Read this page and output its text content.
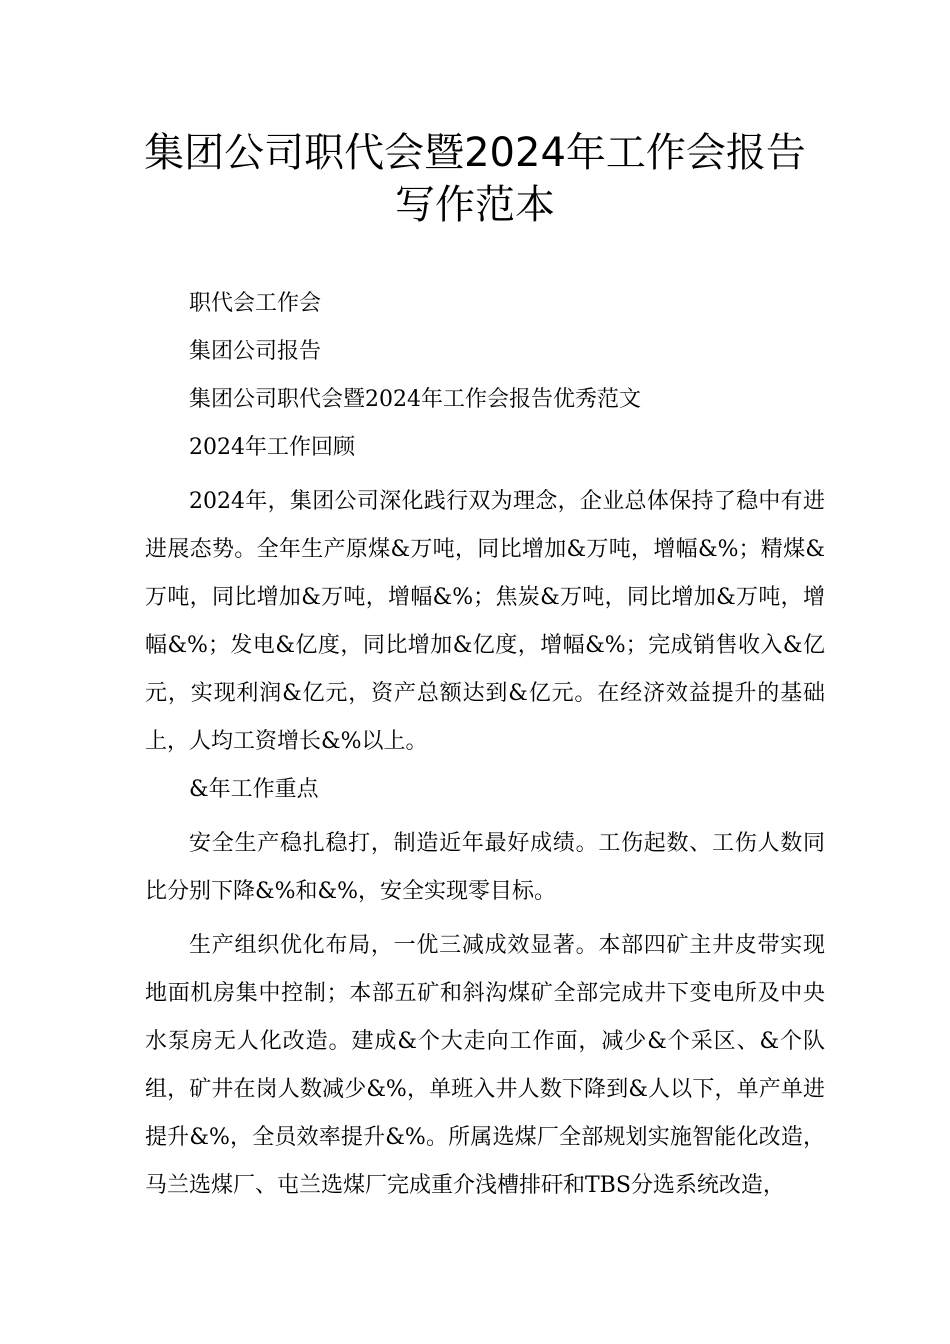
集团公司职代会暨2024年工作会报告
写作范本

职代会工作会

集团公司报告

集团公司职代会暨2024年工作会报告优秀范文

2024年工作回顾

2024年，集团公司深化践行双为理念，企业总体保持了稳中有进进展态势。全年生产原煤&万吨，同比增加&万吨，增幅&%；精煤&万吨，同比增加&万吨，增幅&%；焦炭&万吨，同比增加&万吨，增幅&%；发电&亿度，同比增加&亿度，增幅&%；完成销售收入&亿元，实现利润&亿元，资产总额达到&亿元。在经济效益提升的基础上，人均工资增长&%以上。

&年工作重点

安全生产稳扎稳打，制造近年最好成绩。工伤起数、工伤人数同比分别下降&%和&%，安全实现零目标。

生产组织优化布局，一优三减成效显著。本部四矿主井皮带实现地面机房集中控制；本部五矿和斜沟煤矿全部完成井下变电所及中央水泵房无人化改造。建成&个大走向工作面，减少&个采区、&个队组，矿井在岗人数减少&%，单班入井人数下降到&人以下，单产单进提升&%，全员效率提升&%。所属选煤厂全部规划实施智能化改造，马兰选煤厂、屯兰选煤厂完成重介浅槽排矸和TBS分选系统改造，
